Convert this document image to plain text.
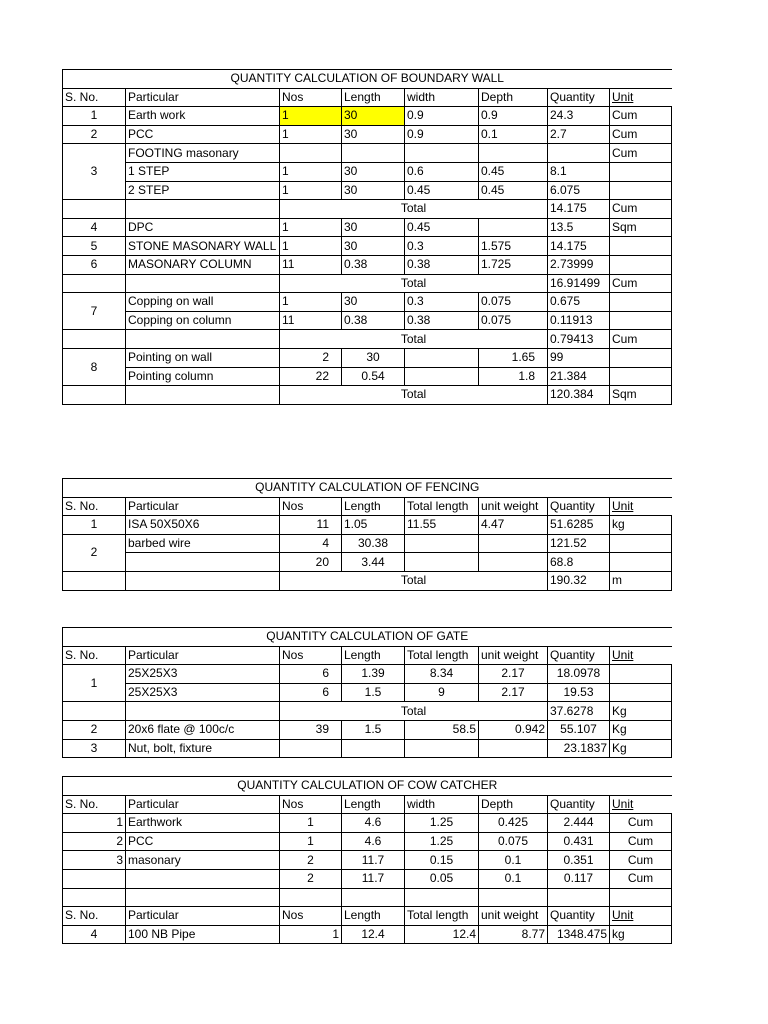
QUANTITY CALCULATION OF BOUNDARY WALL							
S. No.	Particular	Nos	Length	width	Depth	Quantity	Unit
1	Earth work	1	30	0.9	0.9	24.3	Cum
2	PCC	1	30	0.9	0.1	2.7	Cum
3	FOOTING masonary						Cum
	1 STEP	1	30	0.6	0.45	8.1	
	2 STEP	1	30	0.45	0.45	6.075	
		Total				14.175	Cum
4	DPC	1	30	0.45		13.5	Sqm
5	STONE MASONARY WALL	1	30	0.3	1.575	14.175	
6	MASONARY COLUMN	11	0.38	0.38	1.725	2.73999	
		Total				16.91499	Cum
7	Copping on wall	1	30	0.3	0.075	0.675	
	Copping on column	11	0.38	0.38	0.075	0.11913	
		Total				0.79413	Cum
8	Pointing on wall	2	30		1.65	99	
	Pointing column	22	0.54		1.8	21.384	
		Total				120.384	Sqm
QUANTITY CALCULATION OF FENCING							
S. No.	Particular	Nos	Length	Total length	unit weight	Quantity	Unit
1	ISA 50X50X6	11	1.05	11.55	4.47	51.6285	kg
2	barbed wire	4	30.38			121.52	
		20	3.44			68.8	
		Total				190.32	m
QUANTITY CALCULATION OF GATE							
S. No.	Particular	Nos	Length	Total length	unit weight	Quantity	Unit
1	25X25X3	6	1.39	8.34	2.17	18.0978	
	25X25X3	6	1.5	9	2.17	19.53	
		Total				37.6278	Kg
2	20x6 flate @ 100c/c	39	1.5	58.5	0.942	55.107	Kg
3	Nut, bolt, fixture					23.1837	Kg
QUANTITY CALCULATION OF COW CATCHER							
S. No.	Particular	Nos	Length	width	Depth	Quantity	Unit
1	Earthwork	1	4.6	1.25	0.425	2.444	Cum
2	PCC	1	4.6	1.25	0.075	0.431	Cum
3	masonary	2	11.7	0.15	0.1	0.351	Cum
		2	11.7	0.05	0.1	0.117	Cum

S. No.	Particular	Nos	Length	Total length	unit weight	Quantity	Unit
4	100 NB Pipe	1	12.4	12.4	8.77	1348.475	kg
